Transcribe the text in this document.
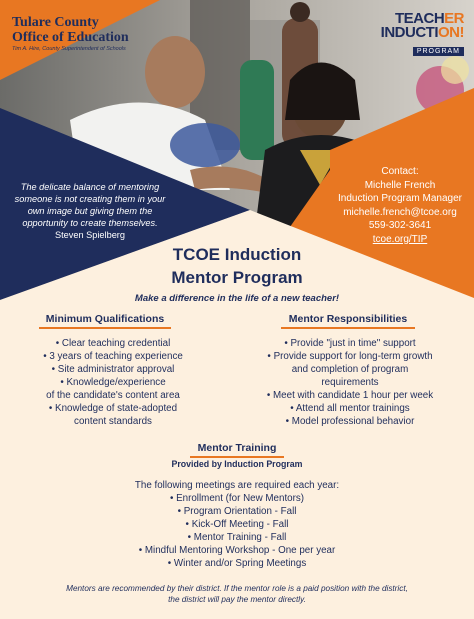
Tulare County
Office of Education
Tim A. Hire, County Superintendent of Schools
TEACHER
INDUCTION!
PROGRAM
The delicate balance of mentoring someone is not creating them in your own image but giving them the opportunity to create themselves.
Steven Spielberg
Contact:
Michelle French
Induction Program Manager
michelle.french@tcoe.org
559-302-3641
tcoe.org/TIP
TCOE Induction
Mentor Program
Make a difference in the life of a new teacher!
Minimum Qualifications
• Clear teaching credential
• 3 years of teaching experience
• Site administrator approval
• Knowledge/experience
of the candidate's content area
• Knowledge of state-adopted
content standards
Mentor Responsibilities
• Provide "just in time" support
• Provide support for long-term growth
and completion of program
requirements
• Meet with candidate 1 hour per week
• Attend all mentor trainings
• Model professional behavior
Mentor Training
Provided by Induction Program
The following meetings are required each year:
• Enrollment (for New Mentors)
• Program Orientation - Fall
• Kick-Off Meeting - Fall
• Mentor Training - Fall
• Mindful Mentoring Workshop - One per year
• Winter and/or Spring Meetings
Mentors are recommended by their district. If the mentor role is a paid position with the district, the district will pay the mentor directly.
